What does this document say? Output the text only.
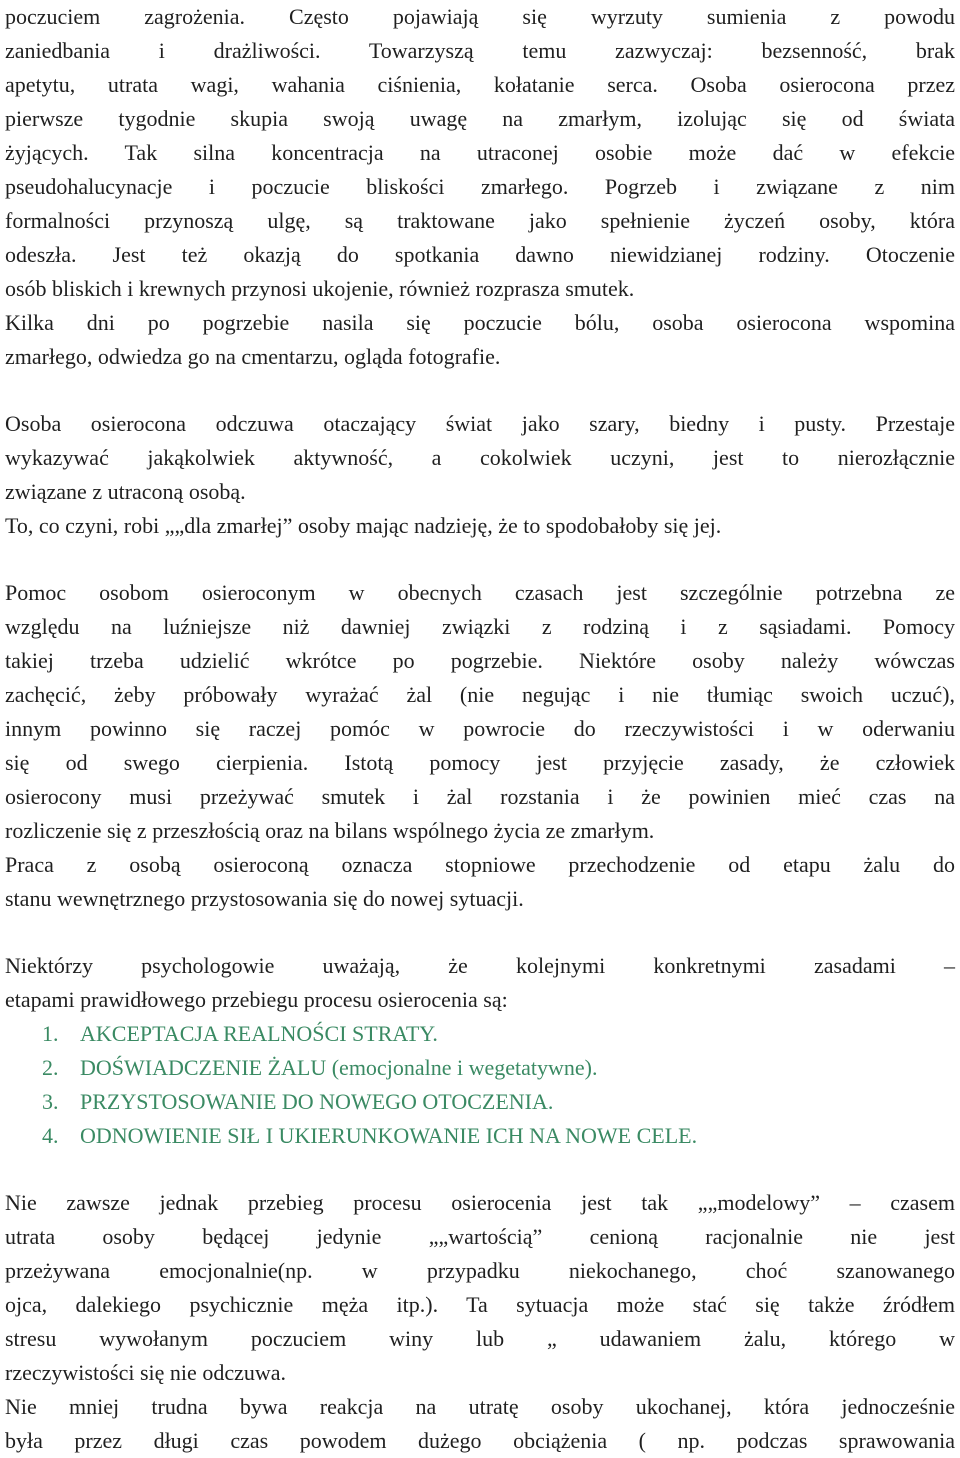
poczuciem zagrożenia. Często pojawiają się wyrzuty sumienia z powodu
zaniedbania i drażliwości. Towarzyszą temu zazwyczaj: bezsenność, brak
apetytu, utrata wagi, wahania ciśnienia, kołatanie serca. Osoba osierocona przez
pierwsze tygodnie skupia swoją uwagę na zmarłym, izolując się od świata
żyjących. Tak silna koncentracja na utraconej osobie może dać w efekcie
pseudohalucynacje i poczucie bliskości zmarłego. Pogrzeb i związane z nim
formalności przynoszą ulgę, są traktowane jako spełnienie życzeń osoby, która
odeszła. Jest też okazją do spotkania dawno niewidzianej rodziny. Otoczenie
osób bliskich i krewnych przynosi ukojenie, również rozprasza smutek.
Kilka dni po pogrzebie nasila się poczucie bólu, osoba osierocona wspomina
zmarłego, odwiedza go na cmentarzu, ogląda fotografie.
Osoba osierocona odczuwa otaczający świat jako szary, biedny i pusty. Przestaje
wykazywać jakąkolwiek aktywność, a cokolwiek uczyni, jest to nierozłącznie
związane z utraconą osobą.
To, co czyni, robi „„dla zmarłej” osoby mając nadzieję, że to spodobałoby się jej.
Pomoc osobom osieroconym w obecnych czasach jest szczególnie potrzebna ze
względu na luźniejsze niż dawniej związki z rodziną i z sąsiadami. Pomocy
takiej trzeba udzielić wkrótce po pogrzebie. Niektóre osoby należy wówczas
zachęcić, żeby próbowały wyrażać żal (nie negując i nie tłumiąc swoich uczuć),
innym powinno się raczej pomóc w powrocie do rzeczywistości i w oderwaniu
się od swego cierpienia. Istotą pomocy jest przyjęcie zasady, że człowiek
osierocony musi przeżywać smutek i żal rozstania i że powinien mieć czas na
rozliczenie się z przeszłością oraz na bilans wspólnego życia ze zmarłym.
Praca z osobą osieroconą oznacza stopniowe przechodzenie od etapu żalu do
stanu wewnętrznego przystosowania się do nowej sytuacji.
Niektórzy psychologowie uważają, że kolejnymi konkretnymi zasadami –
etapami prawidłowego przebiegu procesu osierocenia są:
1. AKCEPTACJA REALNOŚCI STRATY.
2. DOŚWIADCZENIE ŻALU (emocjonalne i wegetatywne).
3. PRZYSTOSOWANIE DO NOWEGO OTOCZENIA.
4. ODNOWIENIE SIŁ I UKIERUNKOWANIE ICH NA NOWE CELE.
Nie zawsze jednak przebieg procesu osierocenia jest tak „„modelowy” – czasem
utrata osoby będącej jedynie „„wartością” cenioną racjonalnie nie jest
przeżywana emocjonalnie(np. w przypadku niekochanego, choć szanowanego
ojca, dalekiego psychicznie męża itp.). Ta sytuacja może stać się także źródłem
stresu wywołanym poczuciem winy lub „ udawaniem żalu, którego w
rzeczywistości się nie odczuwa.
Nie mniej trudna bywa reakcja na utratę osoby ukochanej, która jednocześnie
była przez długi czas powodem dużego obciążenia ( np. podczas sprawowania
